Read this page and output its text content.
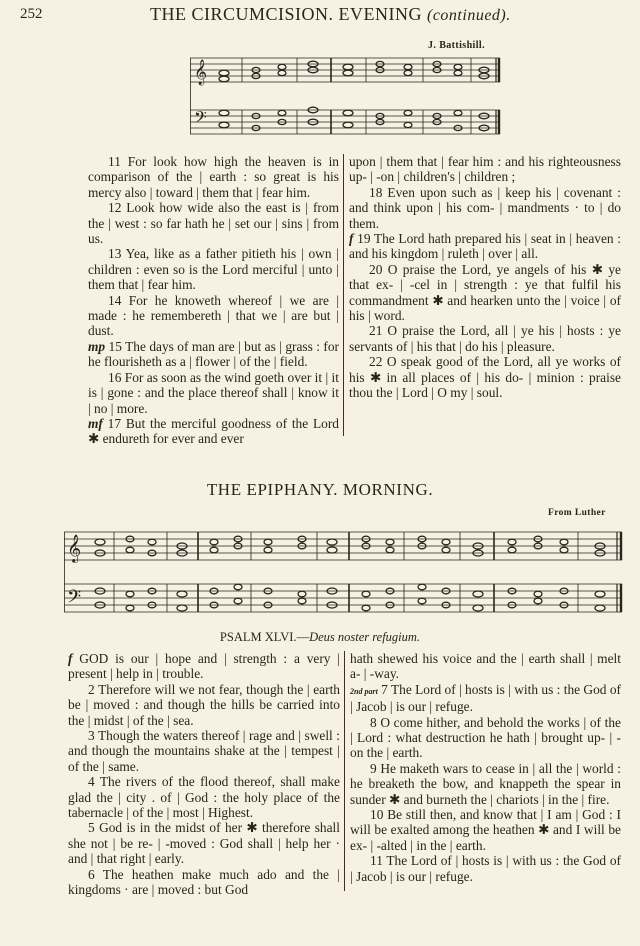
252	THE CIRCUMCISION. EVENING (continued).
J. Battishill.
𝄞
𝄢

11 For look how high the heaven is in comparison of the | earth : so great is his mercy also | toward | them that | fear him.

12 Look how wide also the east is | from the | west : so far hath he | set our | sins | from us.

13 Yea, like as a father pitieth his | own | children : even so is the Lord merciful | unto | them that | fear him.

14 For he knoweth whereof | we are | made : he remembereth | that we | are but | dust.

mp 15 The days of man are | but as | grass : for he flourisheth as a | flower | of the | field.

16 For as soon as the wind goeth over it | it is | gone : and the place thereof shall | know it | no | more.

mf 17 But the merciful goodness of the Lord ✱ endureth for ever and ever

upon | them that | fear him : and his righteousness up- | -on | children's | children ;

18 Even upon such as | keep his | covenant : and think upon | his com- | mandments · to | do them.

f 19 The Lord hath prepared his | seat in | heaven : and his kingdom | ruleth | over | all.

20 O praise the Lord, ye angels of his ✱ ye that ex- | -cel in | strength : ye that fulfil his commandment ✱ and hearken unto the | voice | of his | word.

21 O praise the Lord, all | ye his | hosts : ye servants of | his that | do his | pleasure.

22 O speak good of the Lord, all ye works of his ✱ in all places of | his do- | minion : praise thou the | Lord | O my | soul.

THE EPIPHANY. MORNING.
From Luther
𝄞
𝄢
PSALM XLVI.—Deus noster refugium.

f GOD is our | hope and | strength : a very | present | help in | trouble.

2 Therefore will we not fear, though the | earth be | moved : and though the hills be carried into the | midst | of the | sea.

3 Though the waters thereof | rage and | swell : and though the mountains shake at the | tempest | of the | same.

4 The rivers of the flood thereof, shall make glad the | city . of | God : the holy place of the tabernacle | of the | most | Highest.

5 God is in the midst of her ✱ therefore shall she not | be re- | -moved : God shall | help her · and | that right | early.

6 The heathen make much ado and the | kingdoms · are | moved : but God

hath shewed his voice and the | earth shall | melt a- | -way.

2nd part 7 The Lord of | hosts is | with us : the God of | Jacob | is our | refuge.

8 O come hither, and behold the works | of the | Lord : what destruction he hath | brought up- | -on the | earth.

9 He maketh wars to cease in | all the | world : he breaketh the bow, and knappeth the spear in sunder ✱ and burneth the | chariots | in the | fire.

10 Be still then, and know that | I am | God : I will be exalted among the heathen ✱ and I will be ex- | -alted | in the | earth.

11 The Lord of | hosts is | with us : the God of | Jacob | is our | refuge.
